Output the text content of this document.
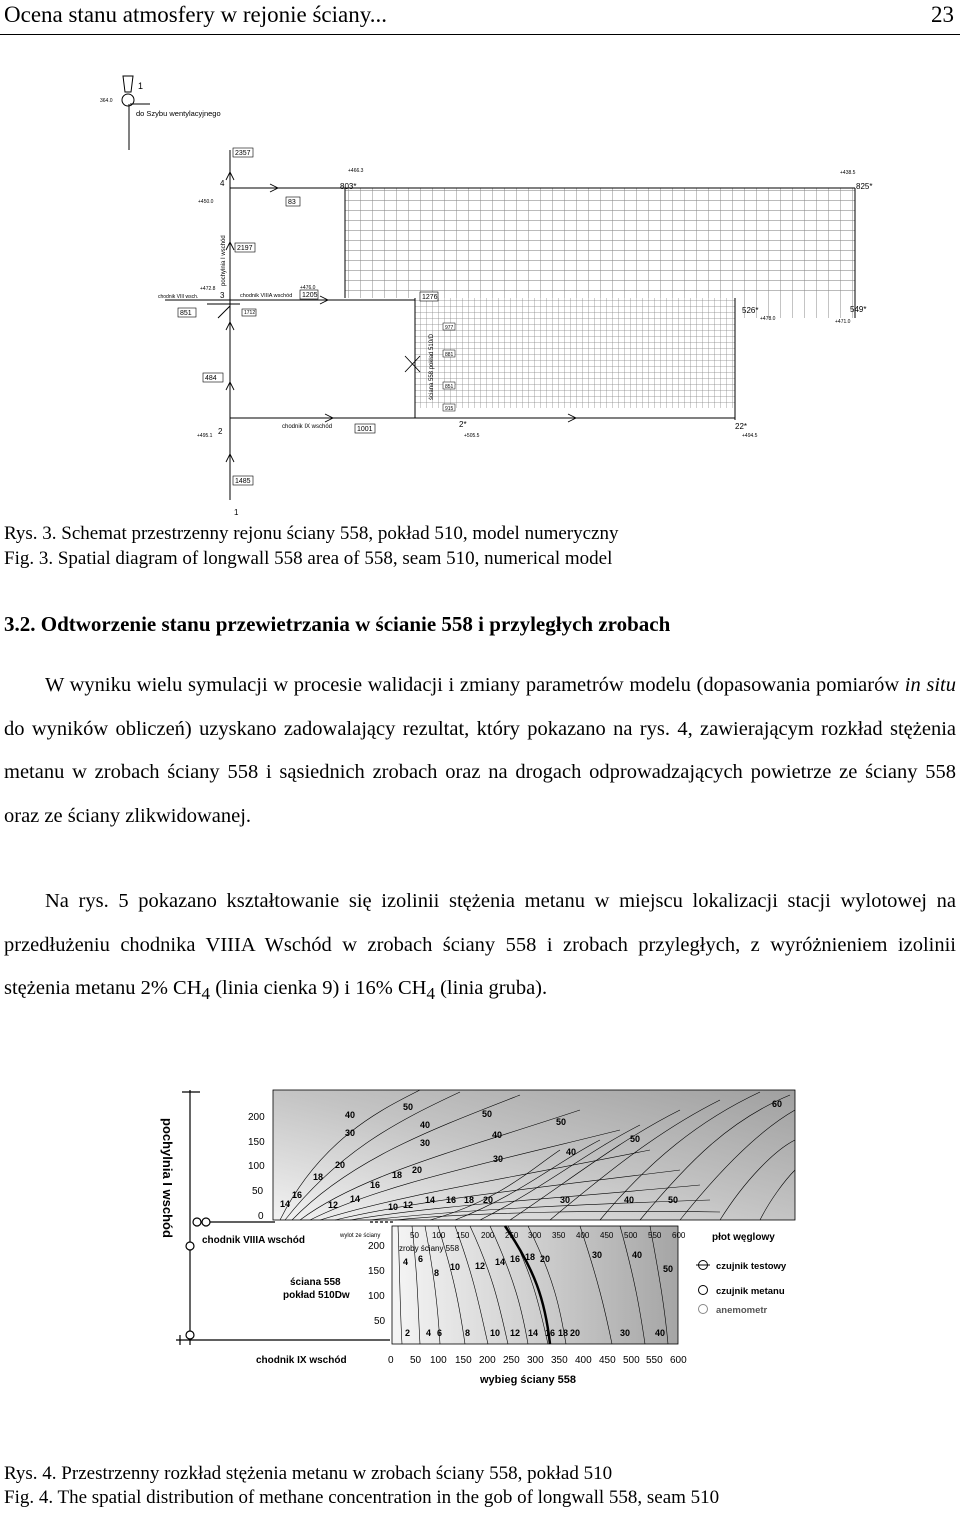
Ocena stanu atmosfery w rejonie ściany...	23
1
364.0
do Szybu wentylacyjnego
2357
4
+450.0	83
+466.3
803*
+438.5
825*
pochylnia I wschód 2197
chodnik VIII wsch.
+472.8
3	chodnik VIIIA wschód
+476.0
1205	1276
851	1712	526*
+478.0
549*
+471.0
ściana 558 pokład 510/D
977
881
851
915
484
+495.1 2	chodnik IX wschód	1001
2*
+505.5
22*
+494.5
1485
1
Rys. 3. Schemat przestrzenny rejonu ściany 558, pokład 510, model numeryczny
Fig. 3. Spatial diagram of longwall 558 area of 558, seam 510, numerical model
3.2. Odtworzenie stanu przewietrzania w ścianie 558 i przyległych zrobach

W wyniku wielu symulacji w procesie walidacji i zmiany parametrów modelu (dopasowania pomiarów in situ do wyników obliczeń) uzyskano zadowalający rezultat, który pokazano na rys. 4, zawierającym rozkład stężenia metanu w zrobach ściany 558 i sąsiednich zrobach oraz na drogach odprowadzających powietrze ze ściany 558 oraz ze ściany zlikwidowanej.

Na rys. 5 pokazano kształtowanie się izolinii stężenia metanu w miejscu lokalizacji stacji wylotowej na przedłużeniu chodnika VIIIA Wschód w zrobach ściany 558 i zrobach przyległych, z wyróżnieniem izolinii stężenia metanu 2% $CH_4$ (linia cienka 9) i 16% $CH_4$ (linia gruba).

pochylnia I wschód
40
50
50
60
30
40	50
40	50
30
40
30
20
18	18 20
16
16
14	14
12	10 12 14 16 18 20	30	40	50
200
150
100
50
0
50 100 150 200 250 300 350 400 450 500 550 600
4 6
8
10 12 14 16 18 20	30	40
50
2 4 6	8 10 12 14 16 18 20	30	40
200
150
100
50
chodnik VIIIA wschód
ściana 558
pokład 510Dw
chodnik IX wschód
wylot ze ściany
zroby ściany 558
płot węglowy
czujnik testowy
czujnik metanu
anemometr
0 50 100 150 200 250 300 350 400 450 500 550 600
wybieg ściany 558
Rys. 4. Przestrzenny rozkład stężenia metanu w zrobach ściany 558, pokład 510
Fig. 4. The spatial distribution of methane concentration in the gob of longwall 558, seam 510
